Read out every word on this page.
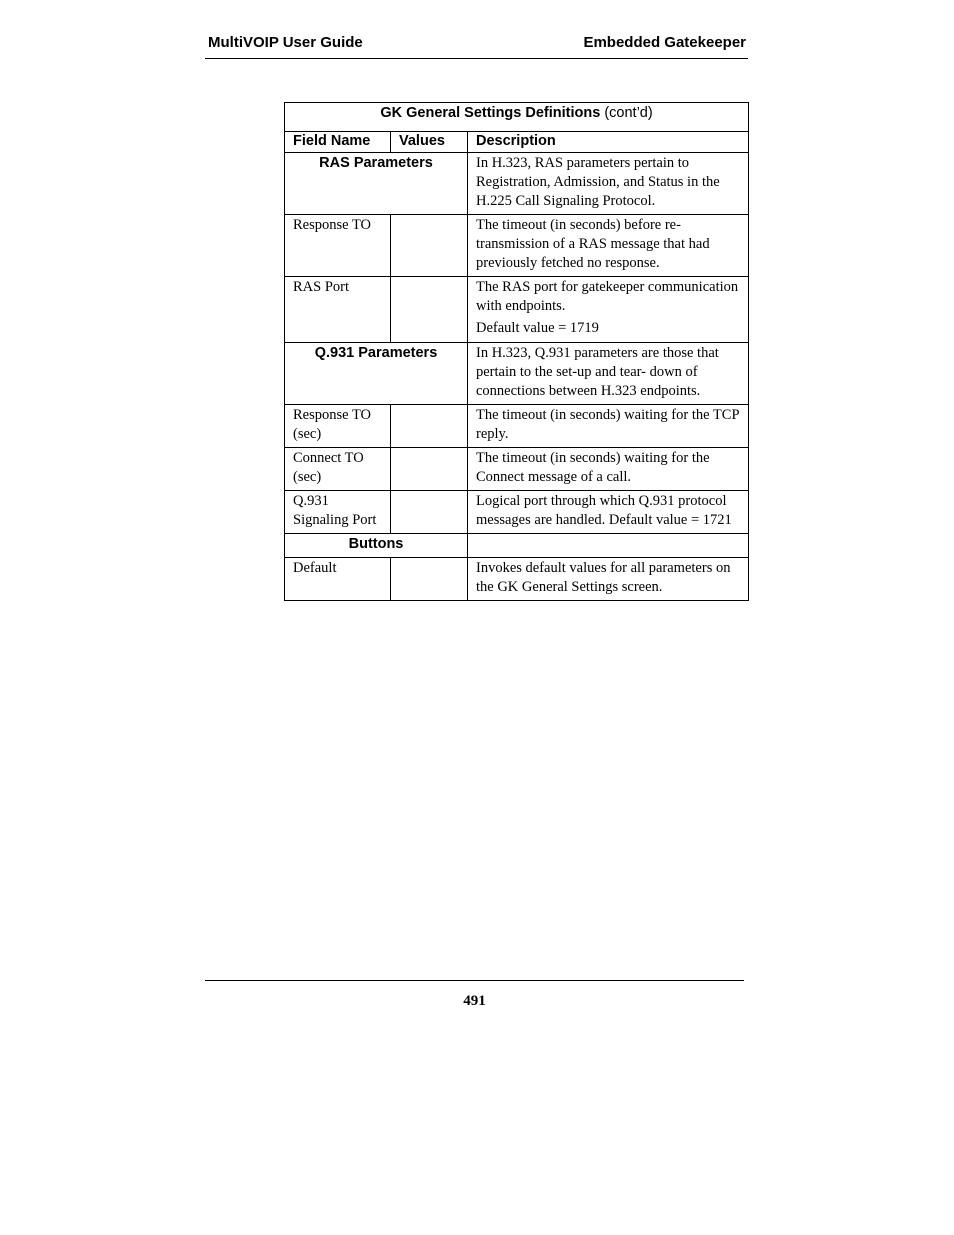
MultiVOIP User Guide	Embedded Gatekeeper
GK General Settings Definitions (cont’d)		
Field Name	Values	Description
RAS Parameters		In H.323, RAS parameters pertain to Registration, Admission, and Status in the H.225 Call Signaling Protocol.
Response TO		The timeout (in seconds) before re-transmission of a RAS message that had previously fetched no response.

RAS Port		The RAS port for gatekeeper communication with endpoints.

Default value = 1719

Q.931 Parameters		In H.323, Q.931 parameters are those that pertain to the set-up and tear- down of connections between H.323 endpoints.
Response TO (sec)		The timeout (in seconds) waiting for the TCP reply.

Connect TO (sec)		The timeout (in seconds) waiting for the Connect message of a call.

Q.931 Signaling Port		Logical port through which Q.931 protocol messages are handled. Default value = 1721

Buttons		
Default		Invokes default values for all parameters on the GK General Settings screen.

491
